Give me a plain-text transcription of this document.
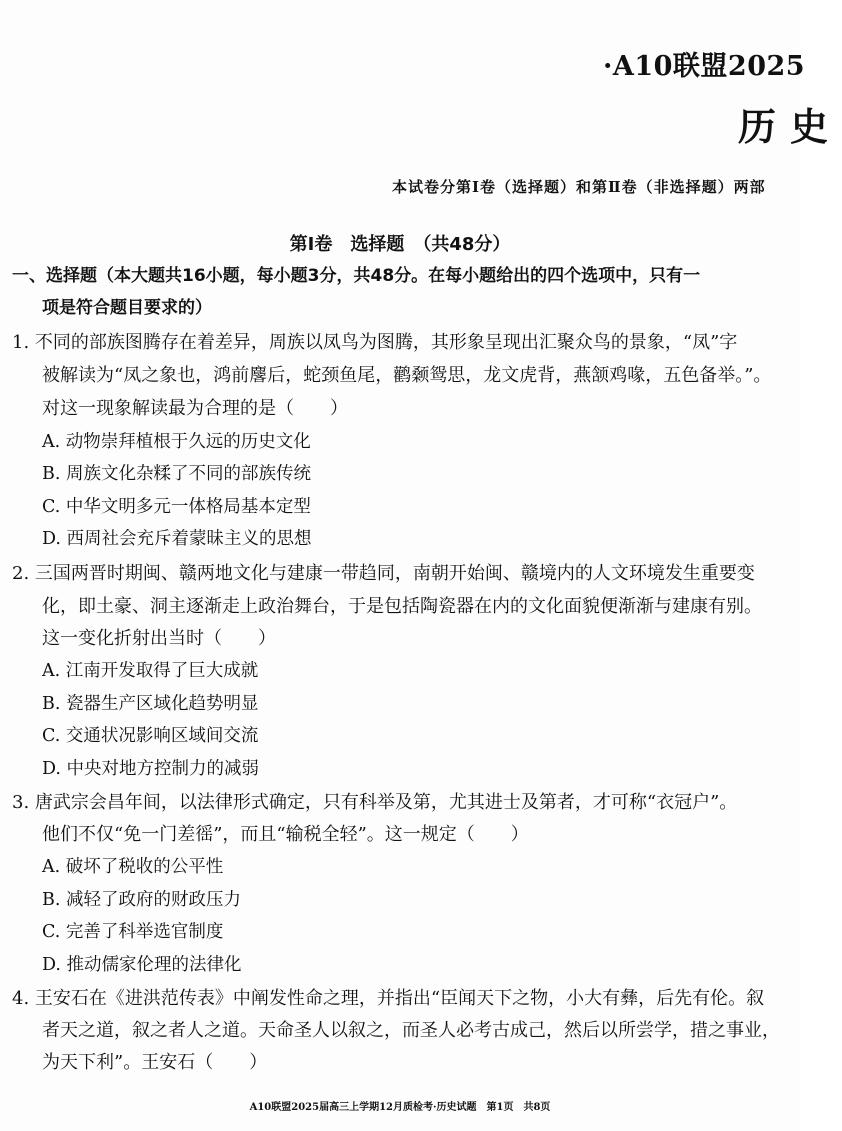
·A10联盟2025
历史
本试卷分第Ⅰ卷（选择题）和第Ⅱ卷（非选择题）两部
第Ⅰ卷　选择题　（共48分）
一、选择题（本大题共16小题，每小题3分，共48分。在每小题给出的四个选项中，只有一
项是符合题目要求的）
1. 不同的部族图腾存在着差异，周族以凤鸟为图腾，其形象呈现出汇聚众鸟的景象，“凤”字
被解读为“凤之象也，鸿前麐后，蛇颈鱼尾，鹳颡鸳思，龙文虎背，燕颔鸡喙，五色备举。”。
对这一现象解读最为合理的是（　　）
A. 动物崇拜植根于久远的历史文化
B. 周族文化杂糅了不同的部族传统
C. 中华文明多元一体格局基本定型
D. 西周社会充斥着蒙昧主义的思想
2. 三国两晋时期闽、赣两地文化与建康一带趋同，南朝开始闽、赣境内的人文环境发生重要变
化，即土豪、洞主逐渐走上政治舞台，于是包括陶瓷器在内的文化面貌便渐渐与建康有别。
这一变化折射出当时（　　）
A. 江南开发取得了巨大成就
B. 瓷器生产区域化趋势明显
C. 交通状况影响区域间交流
D. 中央对地方控制力的减弱
3. 唐武宗会昌年间，以法律形式确定，只有科举及第，尤其进士及第者，才可称“衣冠户”。
他们不仅“免一门差徭”，而且“输税全轻”。这一规定（　　）
A. 破坏了税收的公平性
B. 减轻了政府的财政压力
C. 完善了科举选官制度
D. 推动儒家伦理的法律化
4. 王安石在《进洪范传表》中阐发性命之理，并指出“臣闻天下之物，小大有彝，后先有伦。叙
者天之道，叙之者人之道。天命圣人以叙之，而圣人必考古成己，然后以所尝学，措之事业，
为天下利”。王安石（　　）
A10联盟2025届高三上学期12月质检考·历史试题　第1页　共8页
